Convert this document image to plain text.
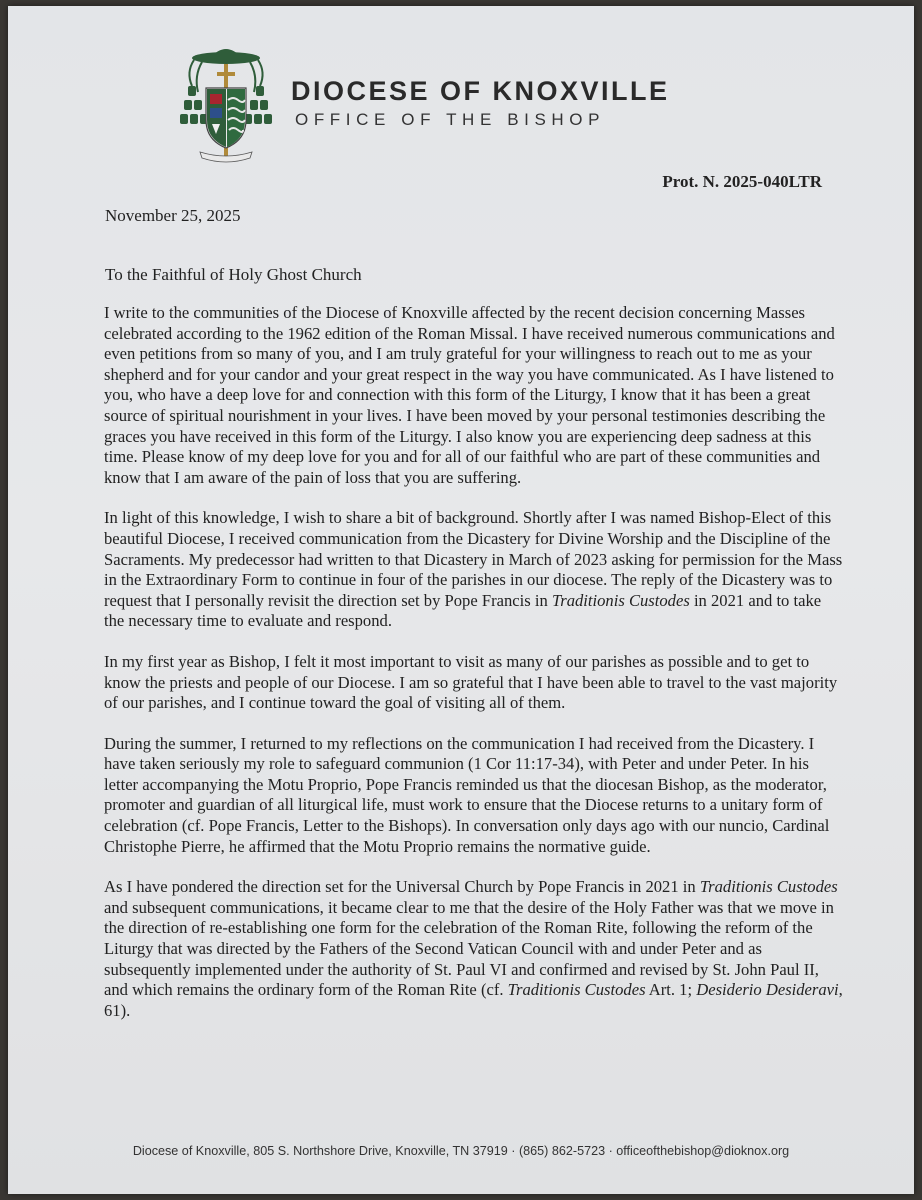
DIOCESE OF KNOXVILLE
OFFICE OF THE BISHOP
Prot. N. 2025-040LTR
November 25, 2025
To the Faithful of Holy Ghost Church

I write to the communities of the Diocese of Knoxville affected by the recent decision concerning Masses celebrated according to the 1962 edition of the Roman Missal. I have received numerous communications and even petitions from so many of you, and I am truly grateful for your willingness to reach out to me as your shepherd and for your candor and your great respect in the way you have communicated. As I have listened to you, who have a deep love for and connection with this form of the Liturgy, I know that it has been a great source of spiritual nourishment in your lives. I have been moved by your personal testimonies describing the graces you have received in this form of the Liturgy. I also know you are experiencing deep sadness at this time. Please know of my deep love for you and for all of our faithful who are part of these communities and know that I am aware of the pain of loss that you are suffering.

In light of this knowledge, I wish to share a bit of background. Shortly after I was named Bishop-Elect of this beautiful Diocese, I received communication from the Dicastery for Divine Worship and the Discipline of the Sacraments. My predecessor had written to that Dicastery in March of 2023 asking for permission for the Mass in the Extraordinary Form to continue in four of the parishes in our diocese. The reply of the Dicastery was to request that I personally revisit the direction set by Pope Francis in Traditionis Custodes in 2021 and to take the necessary time to evaluate and respond.

In my first year as Bishop, I felt it most important to visit as many of our parishes as possible and to get to know the priests and people of our Diocese. I am so grateful that I have been able to travel to the vast majority of our parishes, and I continue toward the goal of visiting all of them.

During the summer, I returned to my reflections on the communication I had received from the Dicastery. I have taken seriously my role to safeguard communion (1 Cor 11:17-34), with Peter and under Peter. In his letter accompanying the Motu Proprio, Pope Francis reminded us that the diocesan Bishop, as the moderator, promoter and guardian of all liturgical life, must work to ensure that the Diocese returns to a unitary form of celebration (cf. Pope Francis, Letter to the Bishops). In conversation only days ago with our nuncio, Cardinal Christophe Pierre, he affirmed that the Motu Proprio remains the normative guide.

As I have pondered the direction set for the Universal Church by Pope Francis in 2021 in Traditionis Custodes and subsequent communications, it became clear to me that the desire of the Holy Father was that we move in the direction of re-establishing one form for the celebration of the Roman Rite, following the reform of the Liturgy that was directed by the Fathers of the Second Vatican Council with and under Peter and as subsequently implemented under the authority of St. Paul VI and confirmed and revised by St. John Paul II, and which remains the ordinary form of the Roman Rite (cf. Traditionis Custodes Art. 1; Desiderio Desideravi, 61).

Diocese of Knoxville, 805 S. Northshore Drive, Knoxville, TN 37919 · (865) 862-5723 · officeofthebishop@dioknox.org
